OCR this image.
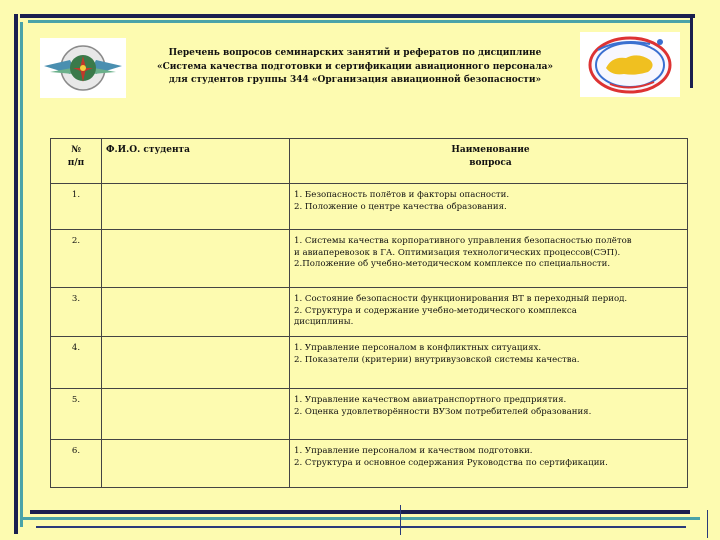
Перечень вопросов семинарских занятий и рефератов по дисциплине
«Система качества подготовки и сертификации авиационного персонала»
для студентов группы 344 «Организация авиационной безопасности»
№
п/п	Ф.И.О. студента	Наименование
вопроса
1.		1. Безопасность полётов и факторы опасности.
2. Положение о центре качества образования.

2.		1. Системы качества корпоративного управления безопасностью полётов
и авиаперевозок в ГА. Оптимизация технологических процессов(СЭП).
2.Положение об учебно-методическом комплексе по специальности.

3.		1. Состояние безопасности функционирования ВТ в переходный период.
2. Структура и содержание учебно-методического комплекса
дисциплины.

4.		1. Управление персоналом в конфликтных ситуациях.
2. Показатели (критерии) внутривузовской системы качества.

5.		1. Управление качеством авиатранспортного предприятия.
2. Оценка удовлетворённости ВУЗом потребителей образования.

6.		1. Управление персоналом и качеством подготовки.
2. Структура и основное содержания Руководства по сертификации.
